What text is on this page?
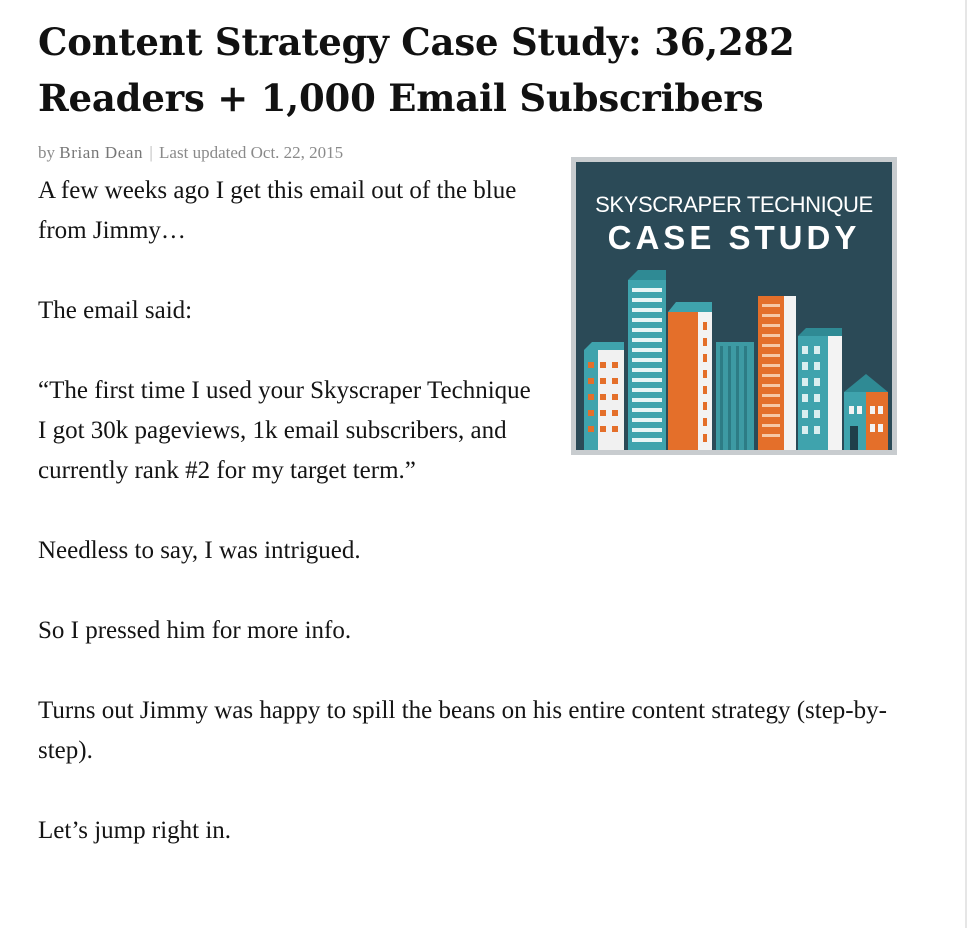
Content Strategy Case Study: 36,282 Readers + 1,000 Email Subscribers
by Brian Dean | Last updated Oct. 22, 2015
SKYSCRAPER TECHNIQUE
CASE STUDY

A few weeks ago I get this email out of the blue from Jimmy…

The email said:

“The first time I used your Skyscraper Technique I got 30k pageviews, 1k email subscribers, and currently rank #2 for my target term.”

Needless to say, I was intrigued.

So I pressed him for more info.

Turns out Jimmy was happy to spill the beans on his entire content strategy (step-by-step).

Let’s jump right in.
